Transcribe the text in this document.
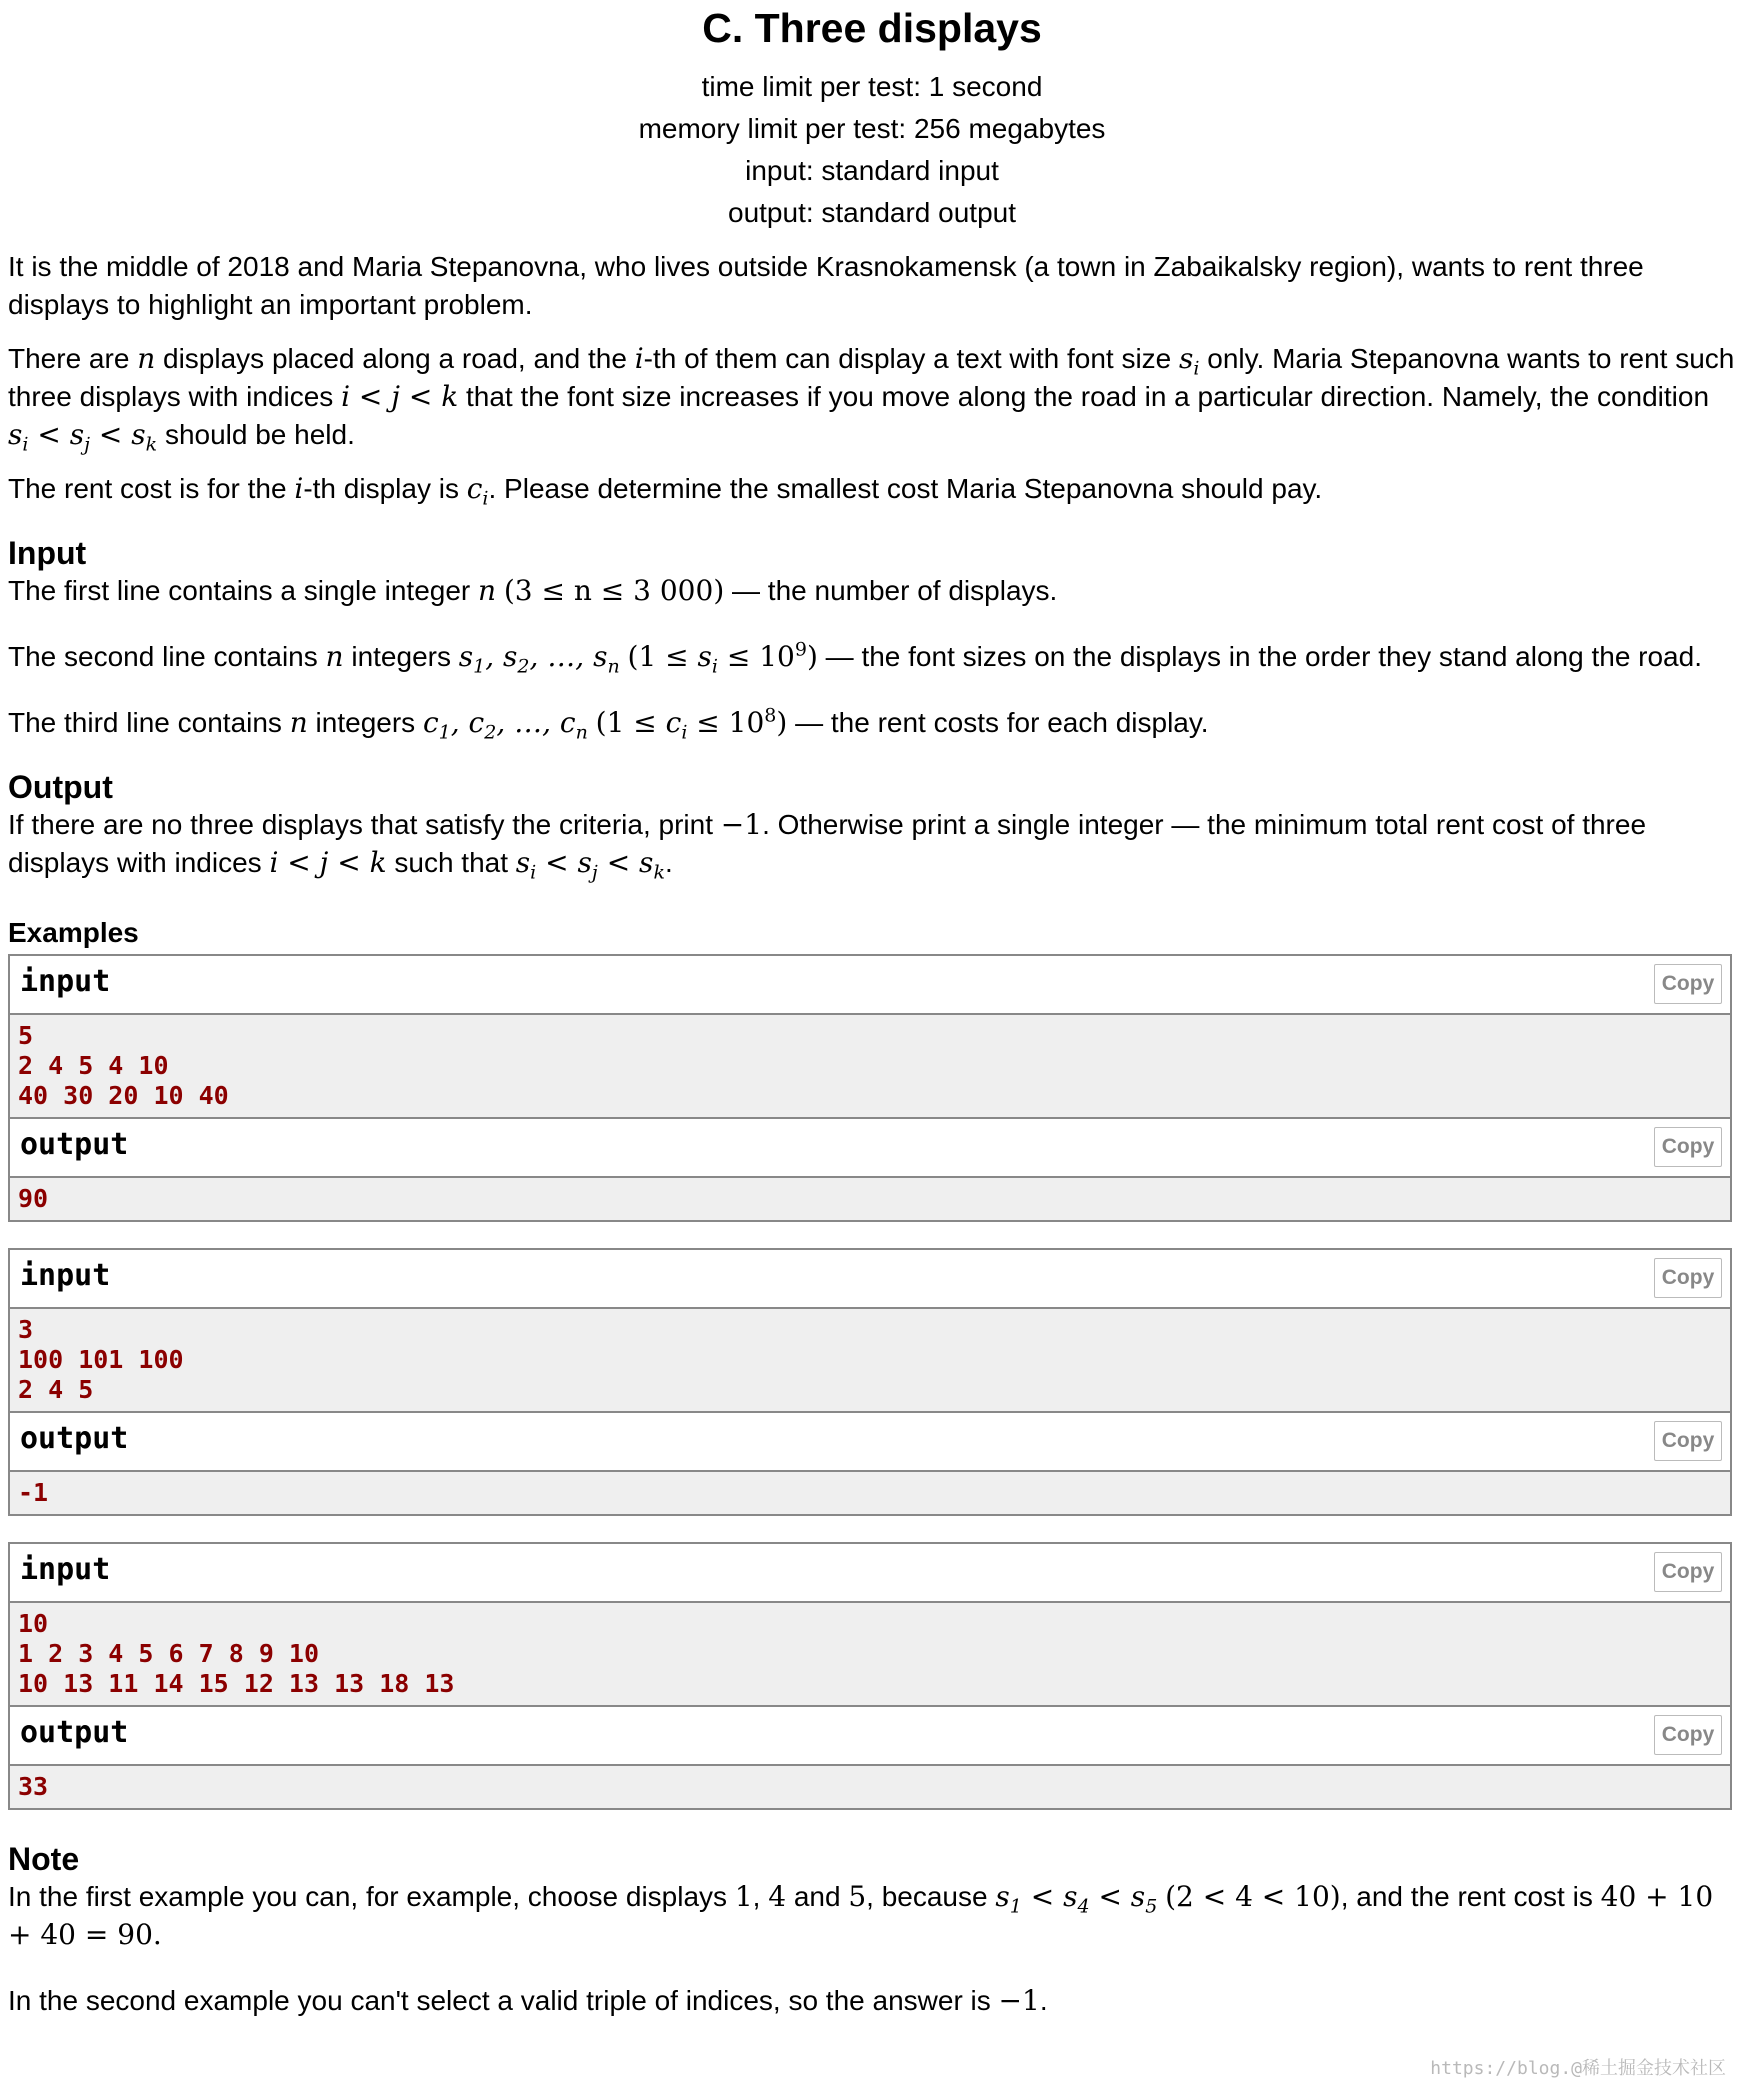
C. Three displays
time limit per test: 1 second
memory limit per test: 256 megabytes
input: standard input
output: standard output

It is the middle of 2018 and Maria Stepanovna, who lives outside Krasnokamensk (a town in Zabaikalsky region), wants to rent three displays to highlight an important problem.

There are n displays placed along a road, and the i-th of them can display a text with font size $s_i$ only. Maria Stepanovna wants to rent such three displays with indices i < j < k that the font size increases if you move along the road in a particular direction. Namely, the condition $s_i < s_j < s_k$ should be held.

The rent cost is for the i-th display is $c_i$. Please determine the smallest cost Maria Stepanovna should pay.

Input

The first line contains a single integer n (3 ≤ n ≤ 3 000) — the number of displays.

The second line contains n integers $s_1$, $s_2$, …, $s_n$ $(1 \le s_i \le 10^9)$ — the font sizes on the displays in the order they stand along the road.

The third line contains n integers $c_1$, $c_2$, …, $c_n$ $(1 \le c_i \le 10^8)$ — the rent costs for each display.

Output

If there are no three displays that satisfy the criteria, print −1. Otherwise print a single integer — the minimum total rent cost of three displays with indices i < j < k such that $s_i < s_j < s_k$.

Examples
input	Copy
5
2 4 5 4 10
40 30 20 10 40
output	Copy
90
input	Copy
3
100 101 100
2 4 5
output	Copy
-1
input	Copy
10
1 2 3 4 5 6 7 8 9 10
10 13 11 14 15 12 13 13 18 13
output	Copy
33
Note

In the first example you can, for example, choose displays 1, 4 and 5, because $s_1 < s_4 < s_5$ (2 < 4 < 10), and the rent cost is 40 + 10 + 40 = 90.

In the second example you can't select a valid triple of indices, so the answer is −1.

https://blog.@稀土掘金技术社区
